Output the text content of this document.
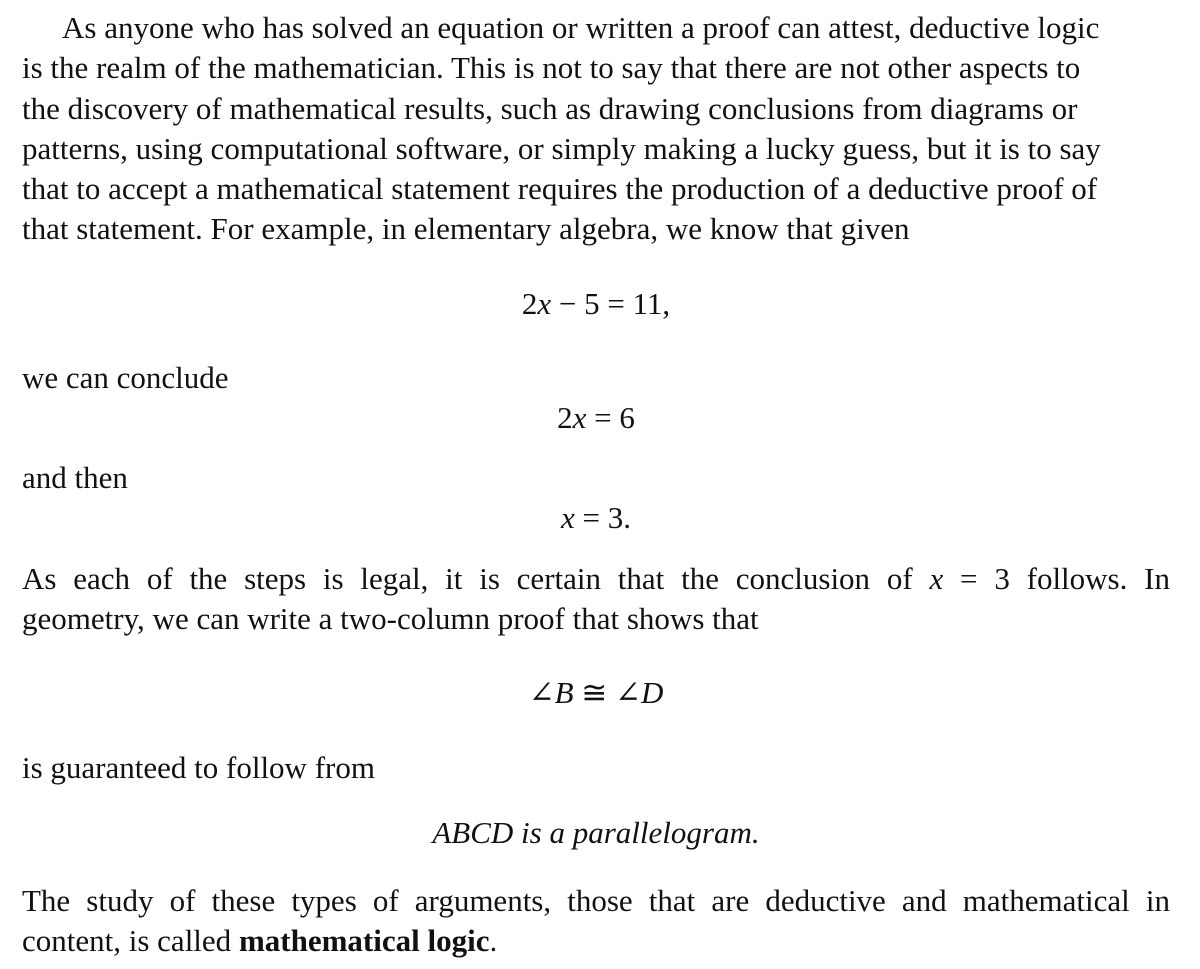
As anyone who has solved an equation or written a proof can attest, deductive logic

is the realm of the mathematician. This is not to say that there are not other aspects to

the discovery of mathematical results, such as drawing conclusions from diagrams or

patterns, using computational software, or simply making a lucky guess, but it is to say

that to accept a mathematical statement requires the production of a deductive proof of

that statement. For example, in elementary algebra, we know that given

2x − 5 = 11,

we can conclude

2x = 6

and then

x = 3.

As each of the steps is legal, it is certain that the conclusion of x = 3 follows. In

geometry, we can write a two-column proof that shows that

∠B ≅ ∠D

is guaranteed to follow from

ABCD is a parallelogram.

The study of these types of arguments, those that are deductive and mathematical in

content, is called mathematical logic.
